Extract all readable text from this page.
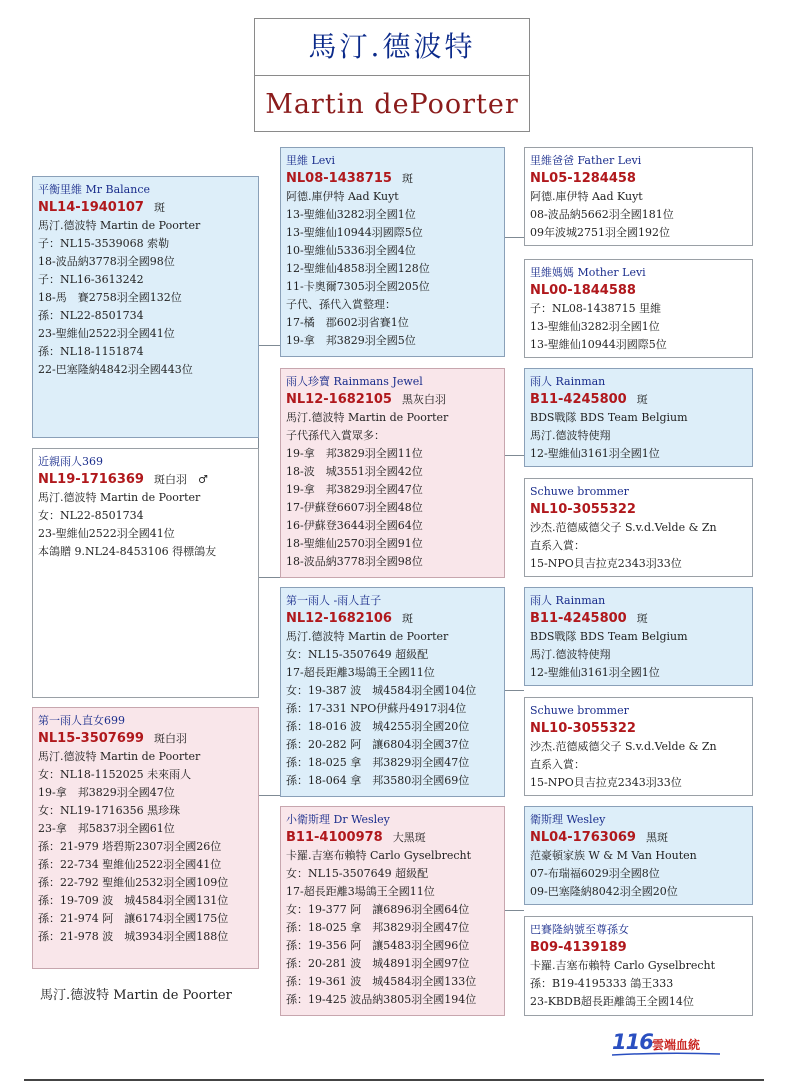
馬汀.德波特
Martin dePoorter
平衡里維 Mr Balance
NL14-1940107 斑
馬汀.德波特 Martin de Poorter
子：NL15-3539068 索勒
18-波品納3778羽全國98位
子：NL16-3613242
18-馬　賽2758羽全國132位
孫：NL22-8501734
23-聖維仙2522羽全國41位
孫：NL18-1151874
22-巴塞隆納4842羽全國443位
里維 Levi
NL08-1438715 斑
阿德.庫伊特 Aad Kuyt
13-聖維仙3282羽全國1位
13-聖維仙10944羽國際5位
10-聖維仙5336羽全國4位
12-聖維仙4858羽全國128位
11-卡奧爾7305羽全國205位
子代、孫代入賞整理：
17-橘　郡602羽省賽1位
19-拿　邦3829羽全國5位
里維爸爸 Father Levi
NL05-1284458
阿德.庫伊特 Aad Kuyt
08-波品納5662羽全國181位
09年波城2751羽全國192位
里維媽媽 Mother Levi
NL00-1844588
子：NL08-1438715 里維
13-聖維仙3282羽全國1位
13-聖維仙10944羽國際5位
雨人珍寶 Rainmans Jewel
NL12-1682105 黑灰白羽
馬汀.德波特 Martin de Poorter
子代孫代入賞眾多：
19-拿　邦3829羽全國11位
18-波　城3551羽全國42位
19-拿　邦3829羽全國47位
17-伊蘇登6607羽全國48位
16-伊蘇登3644羽全國64位
18-聖維仙2570羽全國91位
18-波品納3778羽全國98位
雨人 Rainman
B11-4245800 斑
BDS戰隊 BDS Team Belgium
馬汀.德波特使翔
12-聖維仙3161羽全國1位
Schuwe brommer
NL10-3055322
沙杰.范德威德父子 S.v.d.Velde & Zn
直系入賞：
15-NPO貝吉拉克2343羽33位
近親雨人369
NL19-1716369 斑白羽　♂
馬汀.德波特 Martin de Poorter
女：NL22-8501734
23-聖維仙2522羽全國41位
本鴿贈 9.NL24-8453106 得標鴿友
第一雨人直女699
NL15-3507699 斑白羽
馬汀.德波特 Martin de Poorter
女：NL18-1152025 未來雨人
19-拿　邦3829羽全國47位
女：NL19-1716356 黑珍珠
23-拿　邦5837羽全國61位
孫：21-979 塔碧斯2307羽全國26位
孫：22-734 聖維仙2522羽全國41位
孫：22-792 聖維仙2532羽全國109位
孫：19-709 波　城4584羽全國131位
孫：21-974 阿　讓6174羽全國175位
孫：21-978 波　城3934羽全國188位
第一雨人 -雨人直子
NL12-1682106 斑
馬汀.德波特 Martin de Poorter
女：NL15-3507649 超級配
17-超長距離3場鴿王全國11位
女：19-387 波　城4584羽全國104位
孫：17-331 NPO伊蘇丹4917羽4位
孫：18-016 波　城4255羽全國20位
孫：20-282 阿　讓6804羽全國37位
孫：18-025 拿　邦3829羽全國47位
孫：18-064 拿　邦3580羽全國69位
雨人 Rainman
B11-4245800 斑
BDS戰隊 BDS Team Belgium
馬汀.德波特使翔
12-聖維仙3161羽全國1位
Schuwe brommer
NL10-3055322
沙杰.范德威德父子 S.v.d.Velde & Zn
直系入賞：
15-NPO貝吉拉克2343羽33位
小衛斯理 Dr Wesley
B11-4100978 大黑斑
卡羅.吉塞布賴特 Carlo Gyselbrecht
女：NL15-3507649 超級配
17-超長距離3場鴿王全國11位
女：19-377 阿　讓6896羽全國64位
孫：18-025 拿　邦3829羽全國47位
孫：19-356 阿　讓5483羽全國96位
孫：20-281 波　城4891羽全國97位
孫：19-361 波　城4584羽全國133位
孫：19-425 波品納3805羽全國194位
衛斯理 Wesley
NL04-1763069 黑斑
范豪頓家族 W & M Van Houten
07-布瑞福6029羽全國8位
09-巴塞隆納8042羽全國20位
巴賽隆納號至尊孫女
B09-4139189
卡羅.吉塞布賴特 Carlo Gyselbrecht
孫：B19-4195333 鴿王333
23-KBDB超長距離鴿王全國14位
馬汀.德波特 Martin de Poorter
116 雲端血統
